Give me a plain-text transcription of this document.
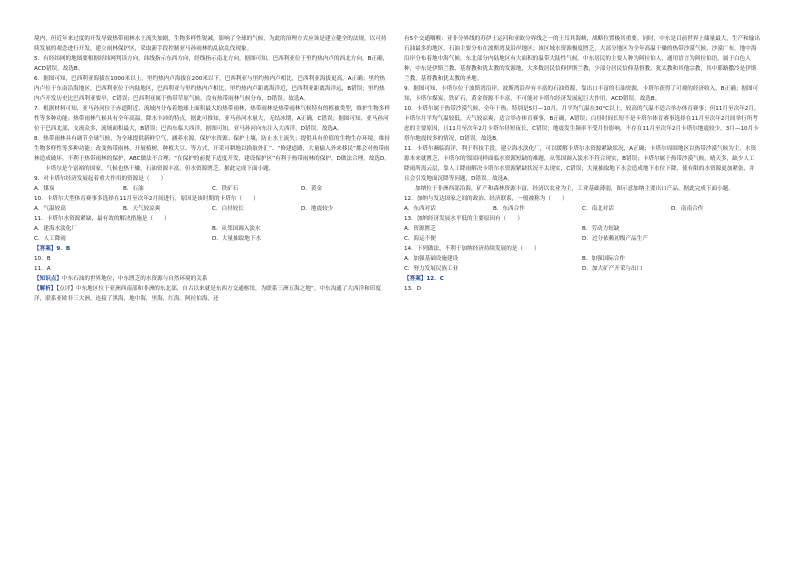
境内，但近年来过度的开发导致热带雨林水土流失加剧，生物多样性锐减，影响了全球的气候，为此的治理方式应该是建立健全的法规，以可持续发展的观念进行开发，建立雨林保护区，采取新手段控制亚马孙雨林的乱砍乱伐现象。

5．有经纬网的地图要根据经纬网判读方向，纬线指示东西方向，经线指示南北方向。据图可知，巴西利亚位于里约热内卢的西北方向，B正确，ACD错误。故选B。

6．据图可知，巴西利亚海拔在1000米以上，里约热内卢海拔在200米以下，巴西利亚与里约热内卢相比，巴西利亚海拔更高，A正确；里约热内卢位于东南沿海地区，巴西利亚位于内陆地区，巴西利亚与里约热内卢相比，里约热内卢距离海洋近，巴西利亚距离海洋远，B错误；里约热内卢开发历史比巴西利亚要早，C错误；巴西利亚属于热带草原气候，没有热带雨林气候分布，D错误。故选A。

7．根据材料可知，亚马孙河位于赤道附近，流域内分布着地球上面积最大的热带雨林，热带雨林是热带雨林气候特有的植被类型，维护生物多样性等多种功能；热带雨林气候具有全年高温，降水丰沛的特点，据此可推知，亚马孙河水量大，无结冰期，A正确，C错误；据图可知，亚马孙河位于巴西北部，支流众多，流域面积最大，B错误；巴西东临大西洋，据图可知，亚马孙河向东注入大西洋，D错误。故选A。

8．热带雨林具有调节全球气候，为全球提供新鲜空气，涵养水源，保护水资源；保护土壤，防止水土流失；提供具有价值的生物生存环境，维持生物多样性等多种功能；改变热带雨林，开展植树，种植大豆、等方式，开采可耕地以换取外汇”、“修建道路，大量输入外来移民”都会对热带雨林造成破坏，不利于热带雨林的保护，ABC做法不合理；“在保护的前提下适度开发，建设保护区”有利于热带雨林的保护，D做法合理，故选D。

卡塔尔是个富裕的国家，气候也热干燥，石油资源丰富，但水资源匮乏。据此完成下面小题。

9．对卡塔尔经济发展起着重大作用的资源是（　　）

A．煤炭	B．石油	C．铁矿石	D．黄金

10．卡塔尔大型体育赛事多选择在11月至次年2月间进行，原因是该时期的卡塔尔（　　）

A．气温较高	B．天气较凉爽	C．白昼较长	D．地震较少

11．卡塔尔水资源紧缺，最有效的解决措施是（　　）

A．建海水淡化厂	B．从邻国调入淡水
C．人工降雨	D．大量抽取地下水

【答案】9．B

10．B

11．A

【知识点】中东石油的世界地位；中东匮乏的水资源与自然环境的关系

【解析】【点评】中东地区位于亚洲西南部和非洲的东北部，自古以来就是东西方交通枢纽，为联系三洲五海之地”。中东沟通了大西洋和印度洋，联系亚欧非三大洲，连接了黑海，地中海，里海，红海。阿拉伯海，还

有5个交通咽喉：亚非分界线的苏伊士运河和亚欧分界线之一的土耳其海峡，战略位置极其重要。同时，中东是目前世界上储量最大，生产和输出石油最多的地区，石油主要分布在波斯湾及沿岸地区；该区域水资源极度匮乏，大部分地区为全年高温干燥的热带沙漠气候，沙漠广布，地中海沿岸分布着地中海气候，东北部分内陆地区有大面积的温带大陆性气候。中东居民的主要人种为阿拉伯人，通用语言为阿拉伯语，属于白色人种，中东是伊斯兰教、基督教和犹太教的发源地，大多数居民信仰伊斯兰教，少部分居民信仰基督教，犹太教和其他宗教，其中耶路撒冷是伊斯兰教，基督教和犹太教的圣地。

9．据图可知，卡塔尔位于波斯湾沿岸，波斯湾沿岸有丰富的石油资源，靠出口丰富的石油资源，卡塔尔获得了可观的经济收入，B正确；据图可知，卡塔尔煤炭、铁矿石、黄金资源不丰富，不可能对卡塔尔经济发展起巨大作用，ACD错误。故选B。

10．卡塔尔属于热带沙漠气候，全年干热，特别是5月—10月，月平均气温在30°C以上，较高的气温不适合举办体育赛事；但11月至次年2月，卡塔尔月平均气温较低，天气较凉爽，适合举办体育赛事，B正确，A错误；白昼时间长短不是卡塔尔体育赛事选择在11月至次年2月间举行所考虑的主要原因，且11月至次年2月卡塔尔昼短夜长，C错误；地震发生频率不受月份影响，不存在11月至次年2月卡塔尔地震较少，3月—10月卡塔尔地震较多的情况，D错误。故选B。

11．卡塔尔濒临海洋，利于科技手段，建立海水淡化厂，可以缓解卡塔尔水资源紧缺状况，A正确；卡塔尔周围地区以热带沙漠气候为主，水资源本来就匮乏，卡塔尔的邻国同样面临水资源短缺的难题，从邻国调入淡水不符合现实，B错误；卡塔尔属于热带沙漠气候，晴天多，缺少人工降雨所需云层，靠人工降雨解决卡塔尔水资源紧缺状况不太现实，C错误；大量抽取地下水会造成地下水位下降，使有限的水资源更加紧张，并且会引发地面沉降等问题，D错误。故选A。

加纳位于非洲西部沿海，矿产和森林资源丰富，经济以农业为主，工业基础薄弱，图示意加纳主要出口产品。据此完成下面小题。

12．加纳与发达国家之间的政治、经济联系，一般被称为（　　）

A．东西对话	B．东西合作	C．南北对话	D．南南合作

13．加纳经济发展水平低的主要原因有（　　）

A．资源匮乏	B．劳动力短缺
C．海运不便	D．过分依赖初级产品生产

14．下列做法，不利于加纳经济持续发展的是（　　）

A．加强基础设施建设	B．加强国际合作
C．努力发展民族工业	D．加大矿产开采与出口

【答案】12．C

13．D
